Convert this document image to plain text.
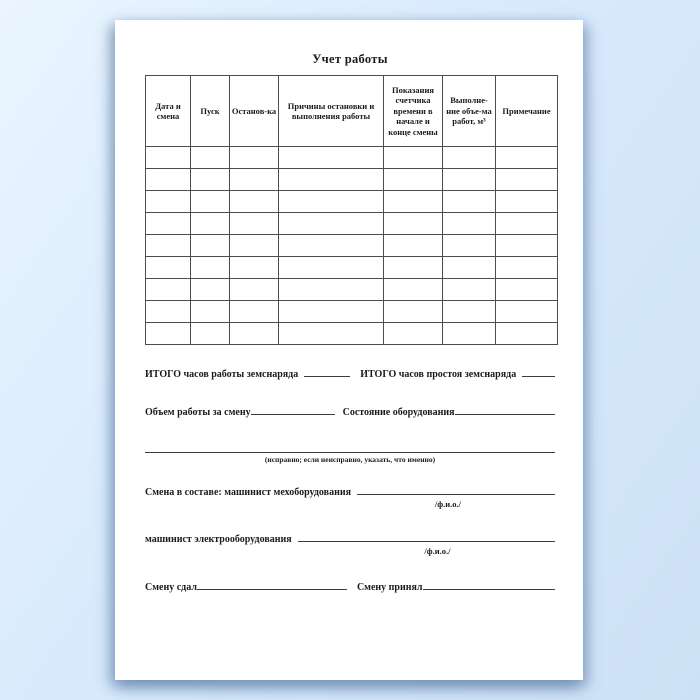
Учет работы
Дата и смена	Пуск	Останов-ка	Причины остановки и выполнения работы	Показания счетчика времени в начале и конце смены	Выполне-ние объе-ма работ, м³	Примечание

ИТОГО часов работы земснаряда	ИТОГО часов простоя земснаряда
Объем работы за смену	Состояние оборудования
(исправно; если неисправно, указать, что именно)
Смена в составе: машинист мехоборудования
/ф.и.о./
машинист электрооборудования
/ф.и.о./
Смену сдал	Смену принял
